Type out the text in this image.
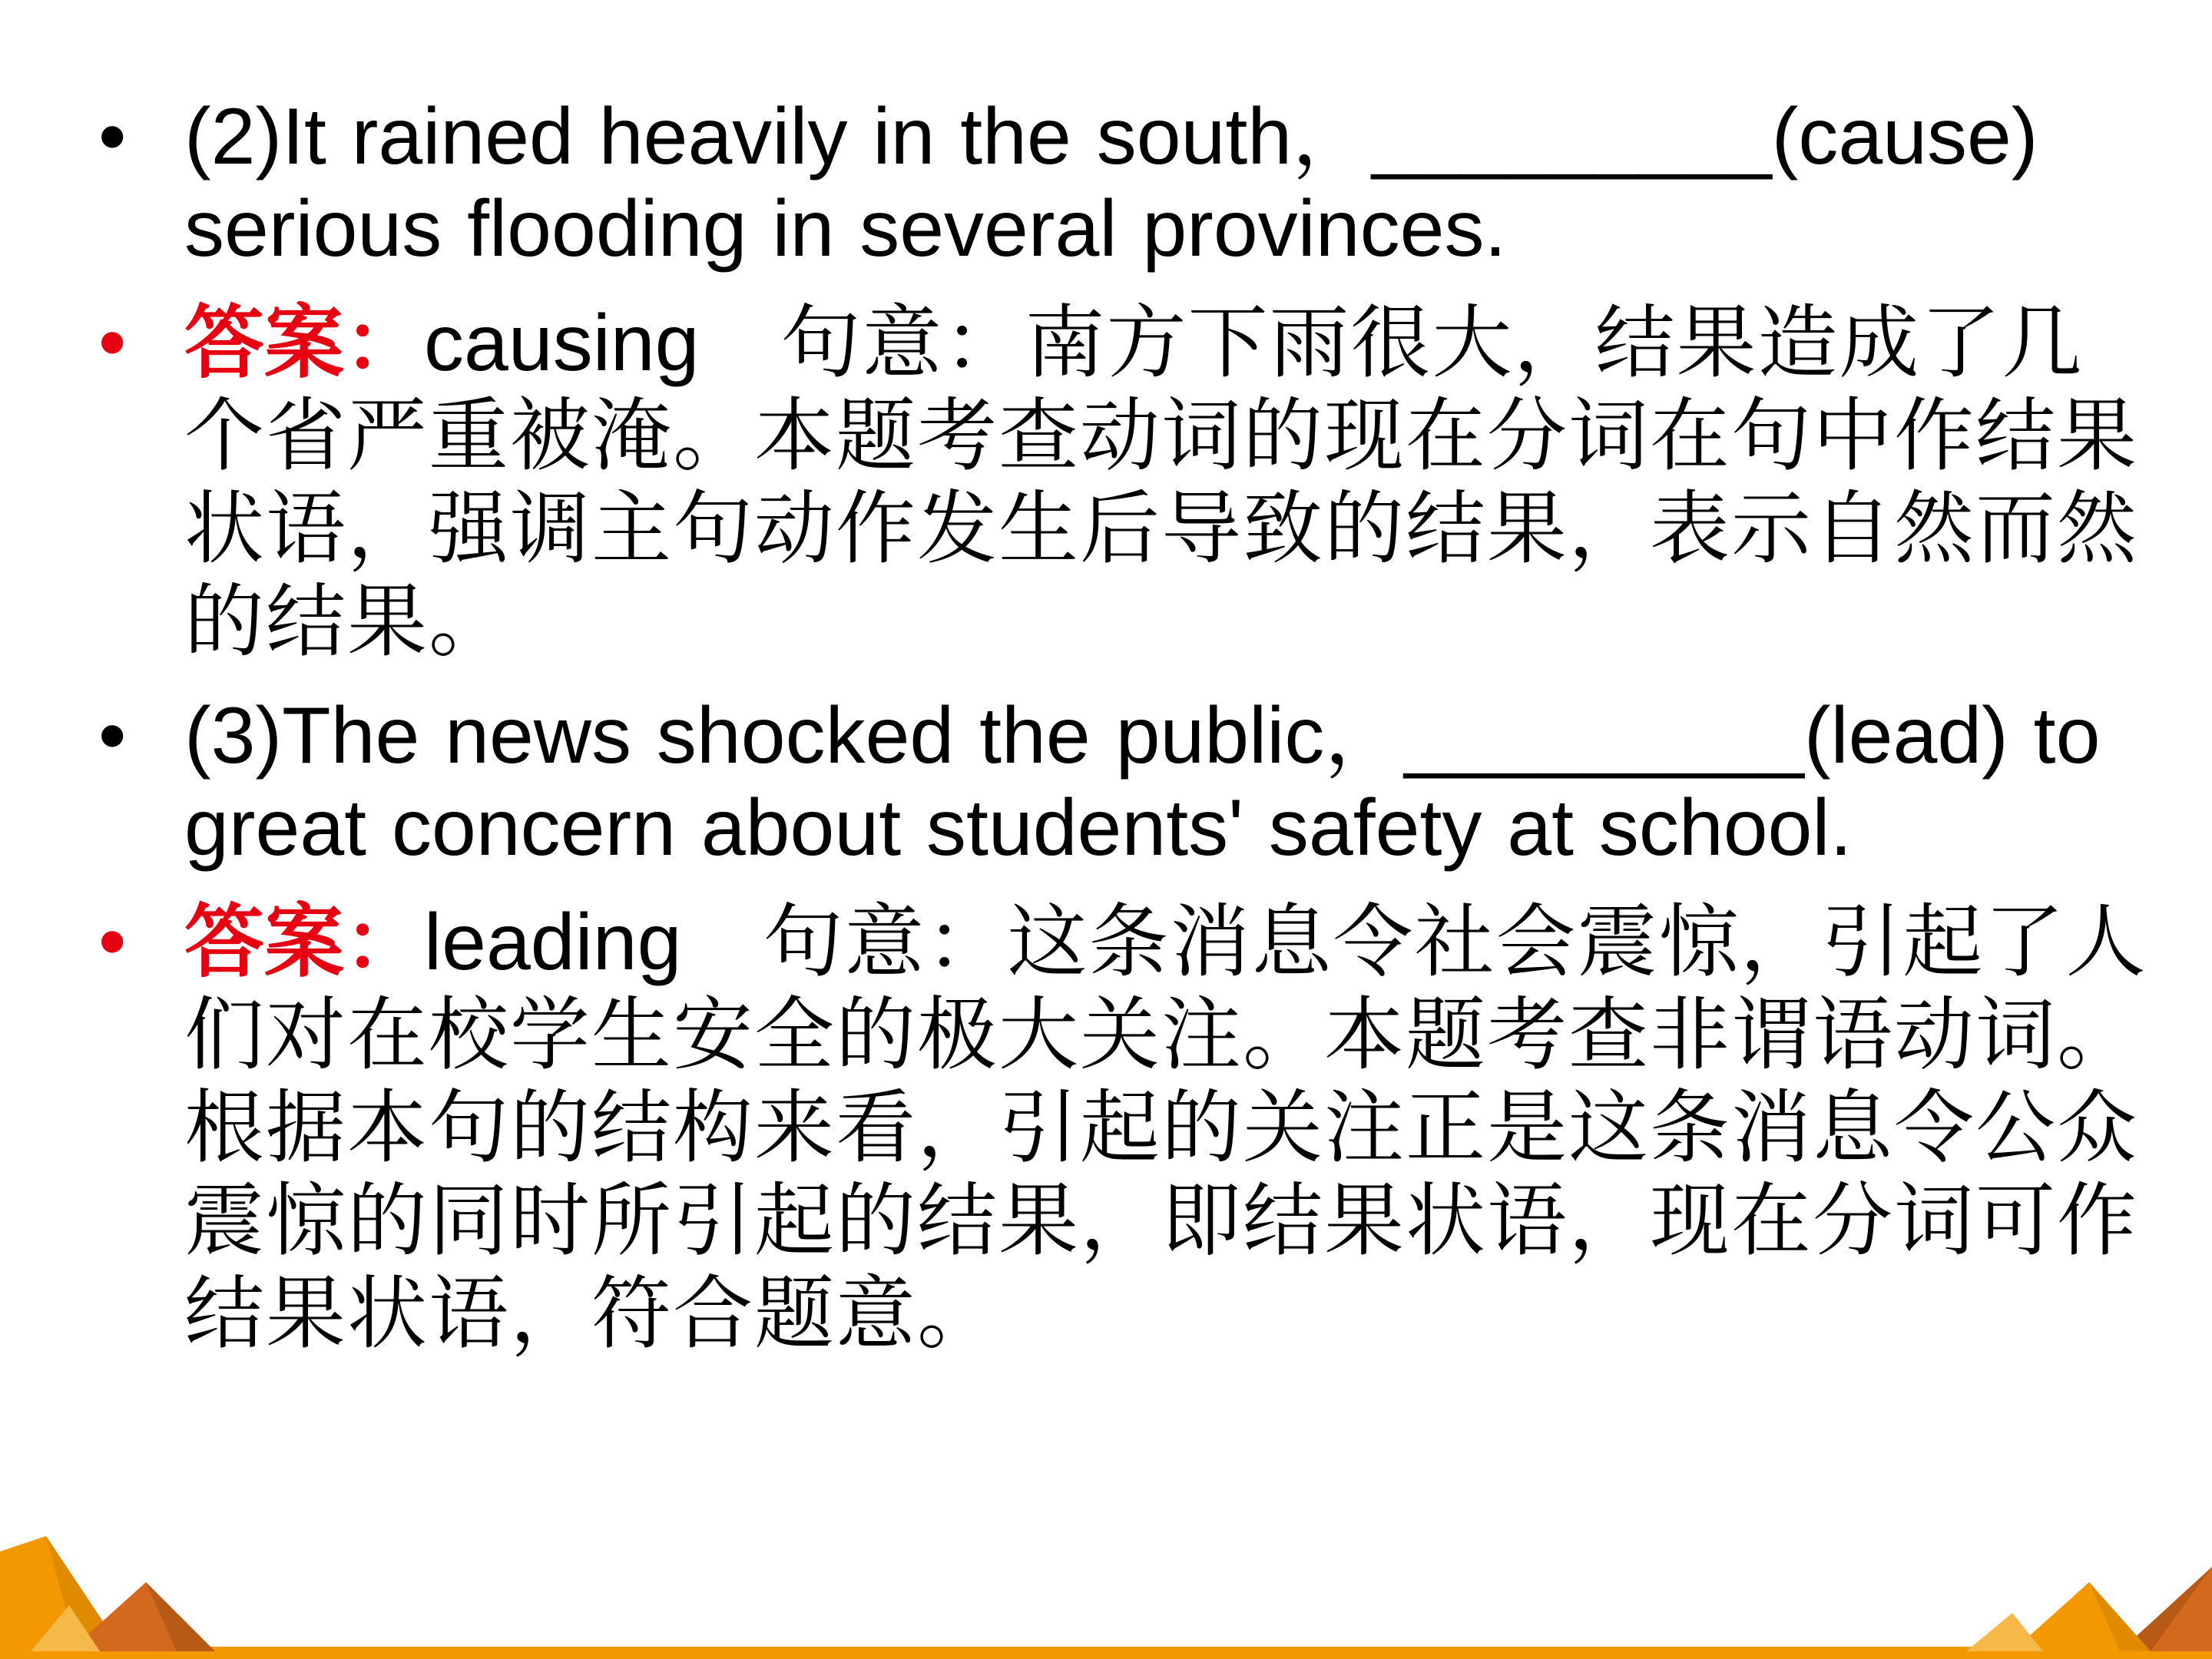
• (2)It rained heavily in the south，_________(cause) serious flooding in several provinces.
• 答案：causing　句意：南方下雨很大，结果造成了几个省严重被淹。本题考查动词的现在分词在句中作结果状语，强调主句动作发生后导致的结果，表示自然而然的结果。
• (3)The news shocked the public，_________(lead) to great concern about students' safety at school.
• 答案：leading　句意：这条消息令社会震惊，引起了人们对在校学生安全的极大关注。本题考查非谓语动词。根据本句的结构来看，引起的关注正是这条消息令公众震惊的同时所引起的结果，即结果状语，现在分词可作结果状语，符合题意。
